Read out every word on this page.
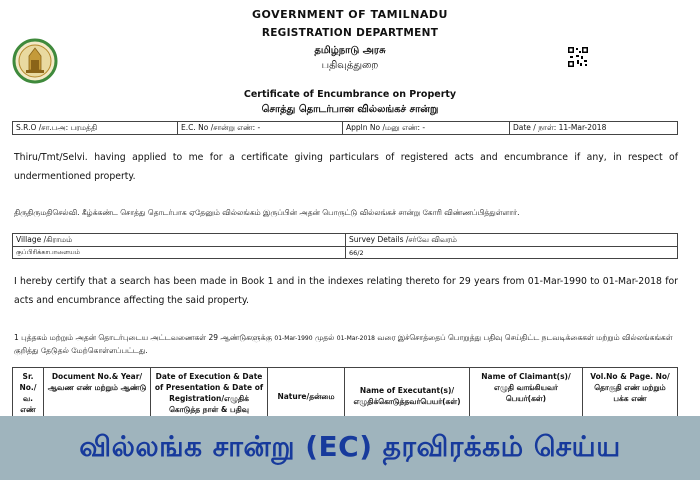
GOVERNMENT OF TAMILNADU
REGISTRATION DEPARTMENT
தமிழ்நாடு அரசு
பதிவுத்துறை
Certificate of Encumbrance on Property
சொத்து தொடர்பான வில்லங்கச் சான்று
S.R.O /சா.பஅ: பரமத்தி	E.C. No /சான்று எண்: -	Appln No /மனு எண்: -	Date / நாள்: 11-Mar-2018
Thiru/Tmt/Selvi. having applied to me for a certificate giving particulars of registered acts and encumbrance if any, in respect of undermentioned property.
திருதிருமதிசெல்வி. கீழ்க்கண்ட சொத்து தொடர்பாக ஏதேனும் வில்லங்கம் இருப்பின் அதன் பொருட்டு வில்லங்கச் சான்று கோரி விண்ணப்பித்துள்ளார்.
Village /கிராமம்	Survey Details /சர்வே விவரம்
குப்பிரிக்காபாளையம்	66/2
I hereby certify that a search has been made in Book 1 and in the indexes relating thereto for 29 years from 01-Mar-1990 to 01-Mar-2018 for acts and encumbrance affecting the said property.
1 புத்தகம் மற்றும் அதன் தொடர்புடைய அட்டவணைகள் 29 ஆண்டுகளுக்கு 01-Mar-1990 முதல் 01-Mar-2018 வரை இச்சொத்தைப் பொறுத்து பதிவு செய்திட்ட நடவடிக்கைகள் மற்றும் வில்லங்கங்கள் குறித்து தேடுதல் மேற்கொள்ளப்பட்டது.
Sr. No./வ. எண்	Document No.& Year/ ஆவண எண் மற்றும் ஆண்டு	Date of Execution & Date of Presentation & Date of Registration/எழுதிக் கொடுத்த நாள் & பதிவு	Nature/தன்மை	Name of Executant(s)/ எழுதிக்கொடுத்தவர்பெயர்(கள்)	Name of Claimant(s)/ எழுதி வாங்கியவர் பெயர்(கள்)	Vol.No & Page. No/ தொகுதி எண் மற்றும் பக்க எண்
வில்லங்க சான்று (EC) தரவிரக்கம் செய்ய
